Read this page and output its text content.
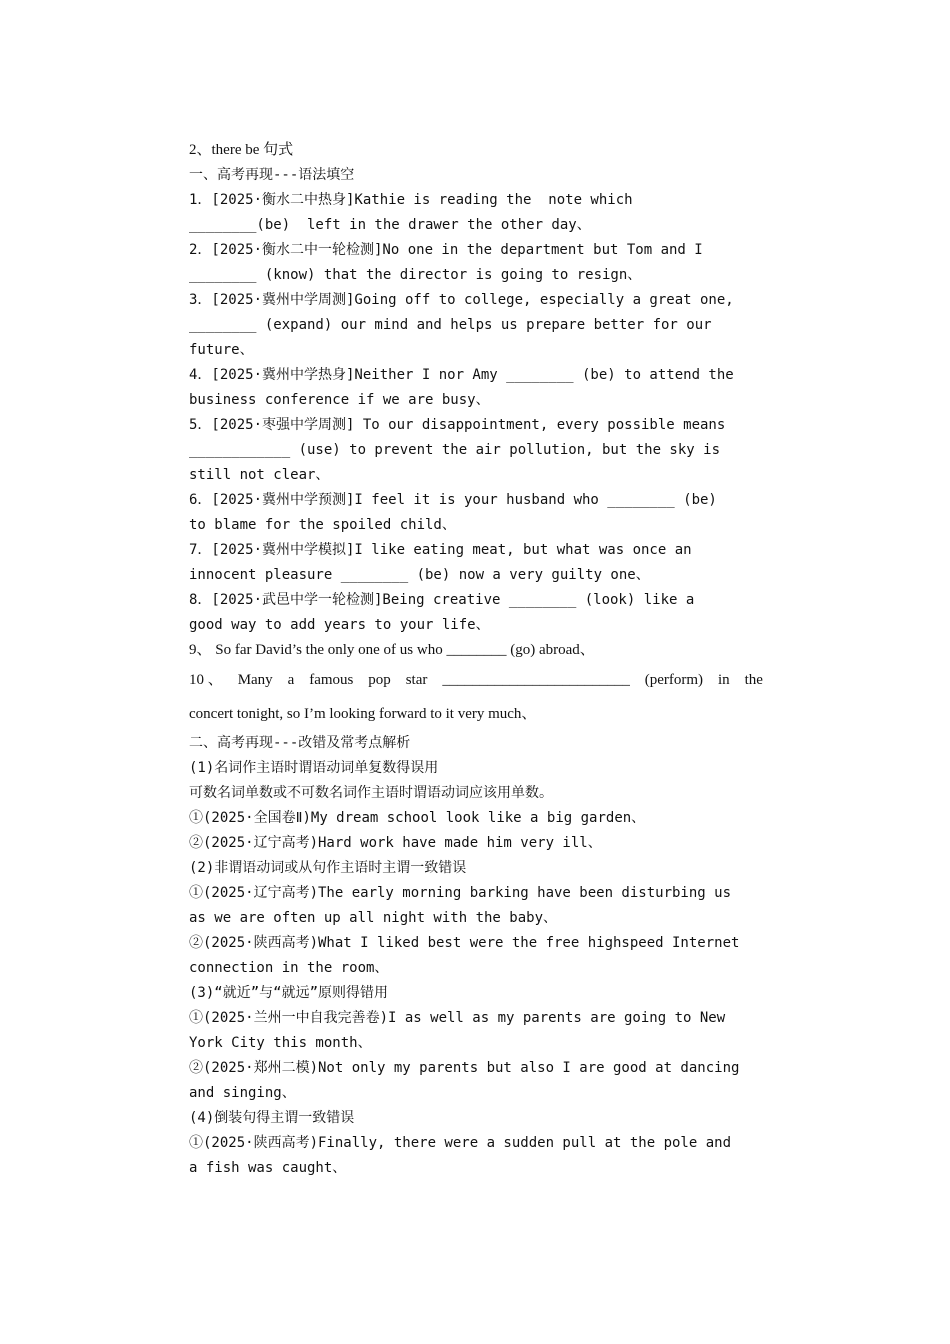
2、there be 句式
一、高考再现---语法填空
1．[2025·衡水二中热身]Kathie is reading the  note which
________(be)  left in the drawer the other day、
2．[2025·衡水二中一轮检测]No one in the department but Tom and I
________ (know) that the director is going to resign、
3．[2025·冀州中学周测]Going off to college, especially a great one,
________ (expand) our mind and helps us prepare better for our
future、
4．[2025·冀州中学热身]Neither I nor Amy ________ (be) to attend the
business conference if we are busy、
5．[2025·枣强中学周测] To our disappointment, every possible means
____________ (use) to prevent the air pollution, but the sky is
still not clear、
6．[2025·冀州中学预测]I feel it is your husband who ________ (be)
to blame for the spoiled child、
7．[2025·冀州中学模拟]I like eating meat, but what was once an
innocent pleasure ________ (be) now a very guilty one、
8．[2025·武邑中学一轮检测]Being creative ________ (look) like a
good way to add years to your life、
9、 So far David’s the only one of us who ________ (go) abroad、
10 、 Many a famous pop star _________________________ (perform) in the
concert tonight, so I’m looking forward to it very much、
二、高考再现---改错及常考点解析
(1)名词作主语时谓语动词单复数得误用
可数名词单数或不可数名词作主语时谓语动词应该用单数。
①(2025·全国卷Ⅱ)My dream school look like a big garden、
②(2025·辽宁高考)Hard work have made him very ill、
(2)非谓语动词或从句作主语时主谓一致错误
①(2025·辽宁高考)The early morning barking have been disturbing us
as we are often up all night with the baby、
②(2025·陕西高考)What I liked best were the free highspeed Internet
connection in the room、
(3)“就近”与“就远”原则得错用
①(2025·兰州一中自我完善卷)I as well as my parents are going to New
York City this month、
②(2025·郑州二模)Not only my parents but also I are good at dancing
and singing、
(4)倒装句得主谓一致错误
①(2025·陕西高考)Finally, there were a sudden pull at the pole and
a fish was caught、
